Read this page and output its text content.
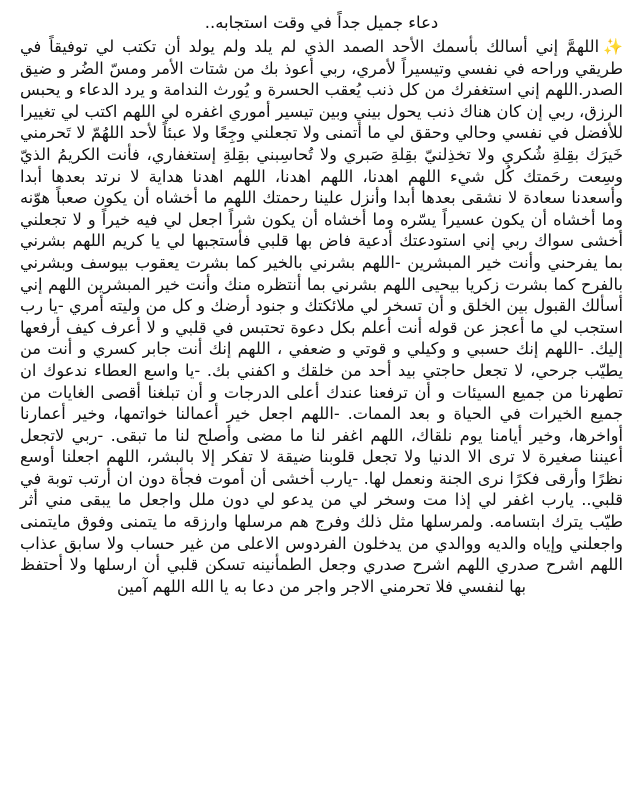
دعاء جميل جداً في وقت استجابه..

✨اللهمَّ إني أسالك بأسمك الأحد الصمد الذي لم يلد ولم يولد أن تكتب لي توفيقاً في طريقي وراحه في نفسي وتيسيراً لأمري، ربي أعوذ بك من شتات الأمر ومسّ الضُر و ضيق الصدر.اللهم إني استغفرك من كل ذنب يُعقب الحسرة و يُورث الندامة و يرد الدعاء و يحبس الرزق، ربي إن كان هناك ذنب يحول بيني وبين تيسير أموري اغفره لي اللهم اكتب لي تغييرا للأفضل في نفسي وحالي وحقق لي ما أتمنى ولا تجعلني وجِعًا ولا عبئاً لأحد اللهُمّ لا تَحرمني خَيرَك بقِلةِ شُكري ولا تخذِلنيّ بقِلةِ صَبري ولا تُحاسِبني بقِلةِ إستغفاري، فأنت الكريمُ الذيّ وسِعت رحَمتك كُل شيء اللهم اهدنا، اللهم اهدنا، اللهم اهدنا هداية لا نرتد بعدها أبدا وأسعدنا سعادة لا نشقى بعدها أبدا وأنزل علينا رحمتك اللهم ما أخشاه أن يكون صعباً هوّنه وما أخشاه أن يكون عسيراً يسّره وما أخشاه أن يكون شراً اجعل لي فيه خيراً و لا تجعلني أخشى سواك ربي إني استودعتك أدعية فاض بها قلبي فأستجبها لي يا كريم اللهم بشرني بما يفرحني وأنت خير المبشرين -اللهم بشرني بالخير كما بشرت يعقوب بيوسف وبشرني بالفرح كما بشرت زكريا بيحيى اللهم بشرني بما أنتظره منك وأنت خير المبشرين اللهم إني أسألك القبول بين الخلق و أن تسخر لي ملائكتك و جنود أرضك و كل من وليته أمري -يا رب استجب لي ما أعجز عن قوله أنت أعلم بكل دعوة تحتبس في قلبي و لا أعرف كيف أرفعها إليك. -اللهم إنك حسبي و وكيلي و قوتي و ضعفي ، اللهم إنك أنت جابر كسري و أنت من يطيّب جرحي، لا تجعل حاجتي بيد أحد من خلقك و اكفني بك. -يا واسع العطاء ندعوك ان تطهرنا من جميع السيئات و أن ترفعنا عندك أعلى الدرجات و أن تبلغنا أقصى الغايات من جميع الخيرات في الحياة و بعد الممات. -اللهم اجعل خير أعمالنا خواتمها، وخير أعمارنا أواخرها، وخير أيامنا يوم نلقاك، اللهم اغفر لنا ما مضى وأصلح لنا ما تبقى. -ربي لاتجعل أعيننا صغيرة لا ترى الا الدنيا ولا تجعل قلوبنا ضيقة لا تفكر إلا بالبشر، اللهم اجعلنا أوسع نظرًا وأرقى فكرًا نرى الجنة ونعمل لها. -يارب أخشى أن أموت فجأة دون ان أرتب توبة في قلبي.. يارب اغفر لي إذا مت وسخر لي من يدعو لي دون ملل واجعل ما يبقى مني أثر طيّب يترك ابتسامه. ولمرسلها مثل ذلك وفرج هم مرسلها وارزقه ما يتمنى وفوق مايتمنى واجعلني وإياه والديه ووالدي من يدخلون الفردوس الاعلى من غير حساب ولا سابق عذاب اللهم اشرح صدري اللهم اشرح صدري وجعل الطمأنينه تسكن قلبي أن ارسلها ولا أحتفظ بها لنفسي فلا تحرمني الاجر واجر من دعا به يا الله اللهم آمين
